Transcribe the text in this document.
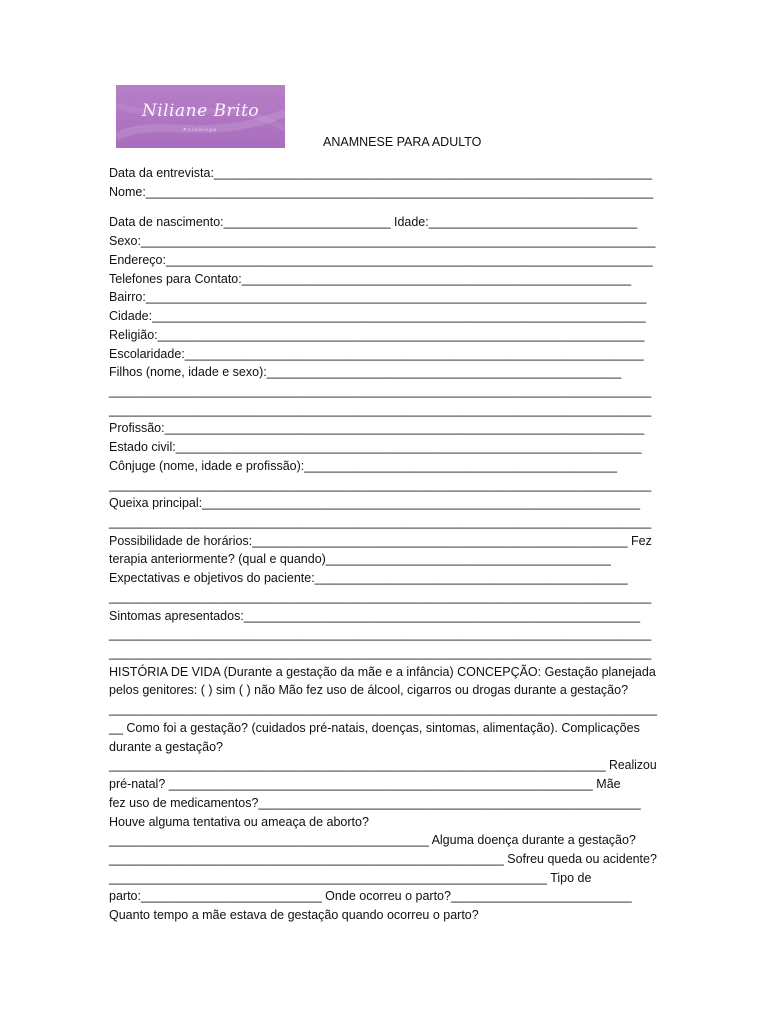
Niliane Brito
Psicóloga
ANAMNESE PARA ADULTO
Data da entrevista:_______________________________________________________________
Nome:_________________________________________________________________________
Data de nascimento:________________________ Idade:______________________________
Sexo:__________________________________________________________________________
Endereço:______________________________________________________________________
Telefones para Contato:________________________________________________________
Bairro:________________________________________________________________________
Cidade:_______________________________________________________________________
Religião:______________________________________________________________________
Escolaridade:__________________________________________________________________
Filhos (nome, idade e sexo):___________________________________________________
______________________________________________________________________________
______________________________________________________________________________
Profissão:_____________________________________________________________________
Estado civil:___________________________________________________________________
Cônjuge (nome, idade e profissão):_____________________________________________
______________________________________________________________________________
Queixa principal:_______________________________________________________________
______________________________________________________________________________
Possibilidade de horários:______________________________________________________ Fez
terapia anteriormente? (qual e quando)_________________________________________
Expectativas e objetivos do paciente:_____________________________________________
______________________________________________________________________________
Sintomas apresentados:_________________________________________________________
______________________________________________________________________________
______________________________________________________________________________
HISTÓRIA DE VIDA (Durante a gestação da mãe e a infância) CONCEPÇÃO: Gestação planejada
pelos genitores: ( ) sim ( ) não Mão fez uso de álcool, cigarros ou drogas durante a gestação?
_____________________________________________________________________________________
__ Como foi a gestação? (cuidados pré-natais, doenças, sintomas, alimentação). Complicações
durante a gestação?
_________________________________________________________________________ Realizou
pré-natal? _____________________________________________________________ Mãe
fez uso de medicamentos?_______________________________________________________
Houve alguma tentativa ou ameaça de aborto?
______________________________________________ Alguma doença durante a gestação?
_________________________________________________________ Sofreu queda ou acidente?
_______________________________________________________________ Tipo de
parto:__________________________ Onde ocorreu o parto?__________________________
Quanto tempo a mãe estava de gestação quando ocorreu o parto?
